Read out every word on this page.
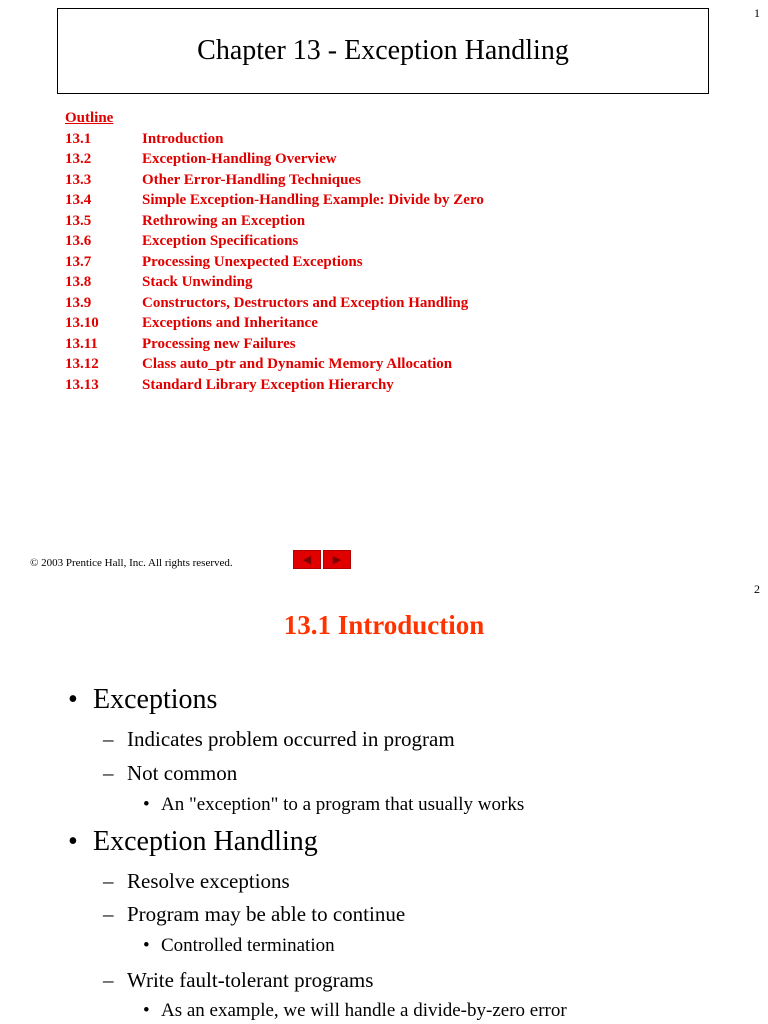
1
Chapter 13 - Exception Handling
Outline
13.1	Introduction
13.2	Exception-Handling Overview
13.3	Other Error-Handling Techniques
13.4	Simple Exception-Handling Example: Divide by Zero
13.5	Rethrowing an Exception
13.6	Exception Specifications
13.7	Processing Unexpected Exceptions
13.8	Stack Unwinding
13.9	Constructors, Destructors and Exception Handling
13.10	Exceptions and Inheritance
13.11	Processing new Failures
13.12	Class auto_ptr and Dynamic Memory Allocation
13.13	Standard Library Exception Hierarchy
© 2003 Prentice Hall, Inc. All rights reserved.	◀ ▶
2
13.1 Introduction
• Exceptions
– Indicates problem occurred in program
– Not common
• An "exception" to a program that usually works
• Exception Handling
– Resolve exceptions
– Program may be able to continue
• Controlled termination
– Write fault-tolerant programs
• As an example, we will handle a divide-by-zero error
